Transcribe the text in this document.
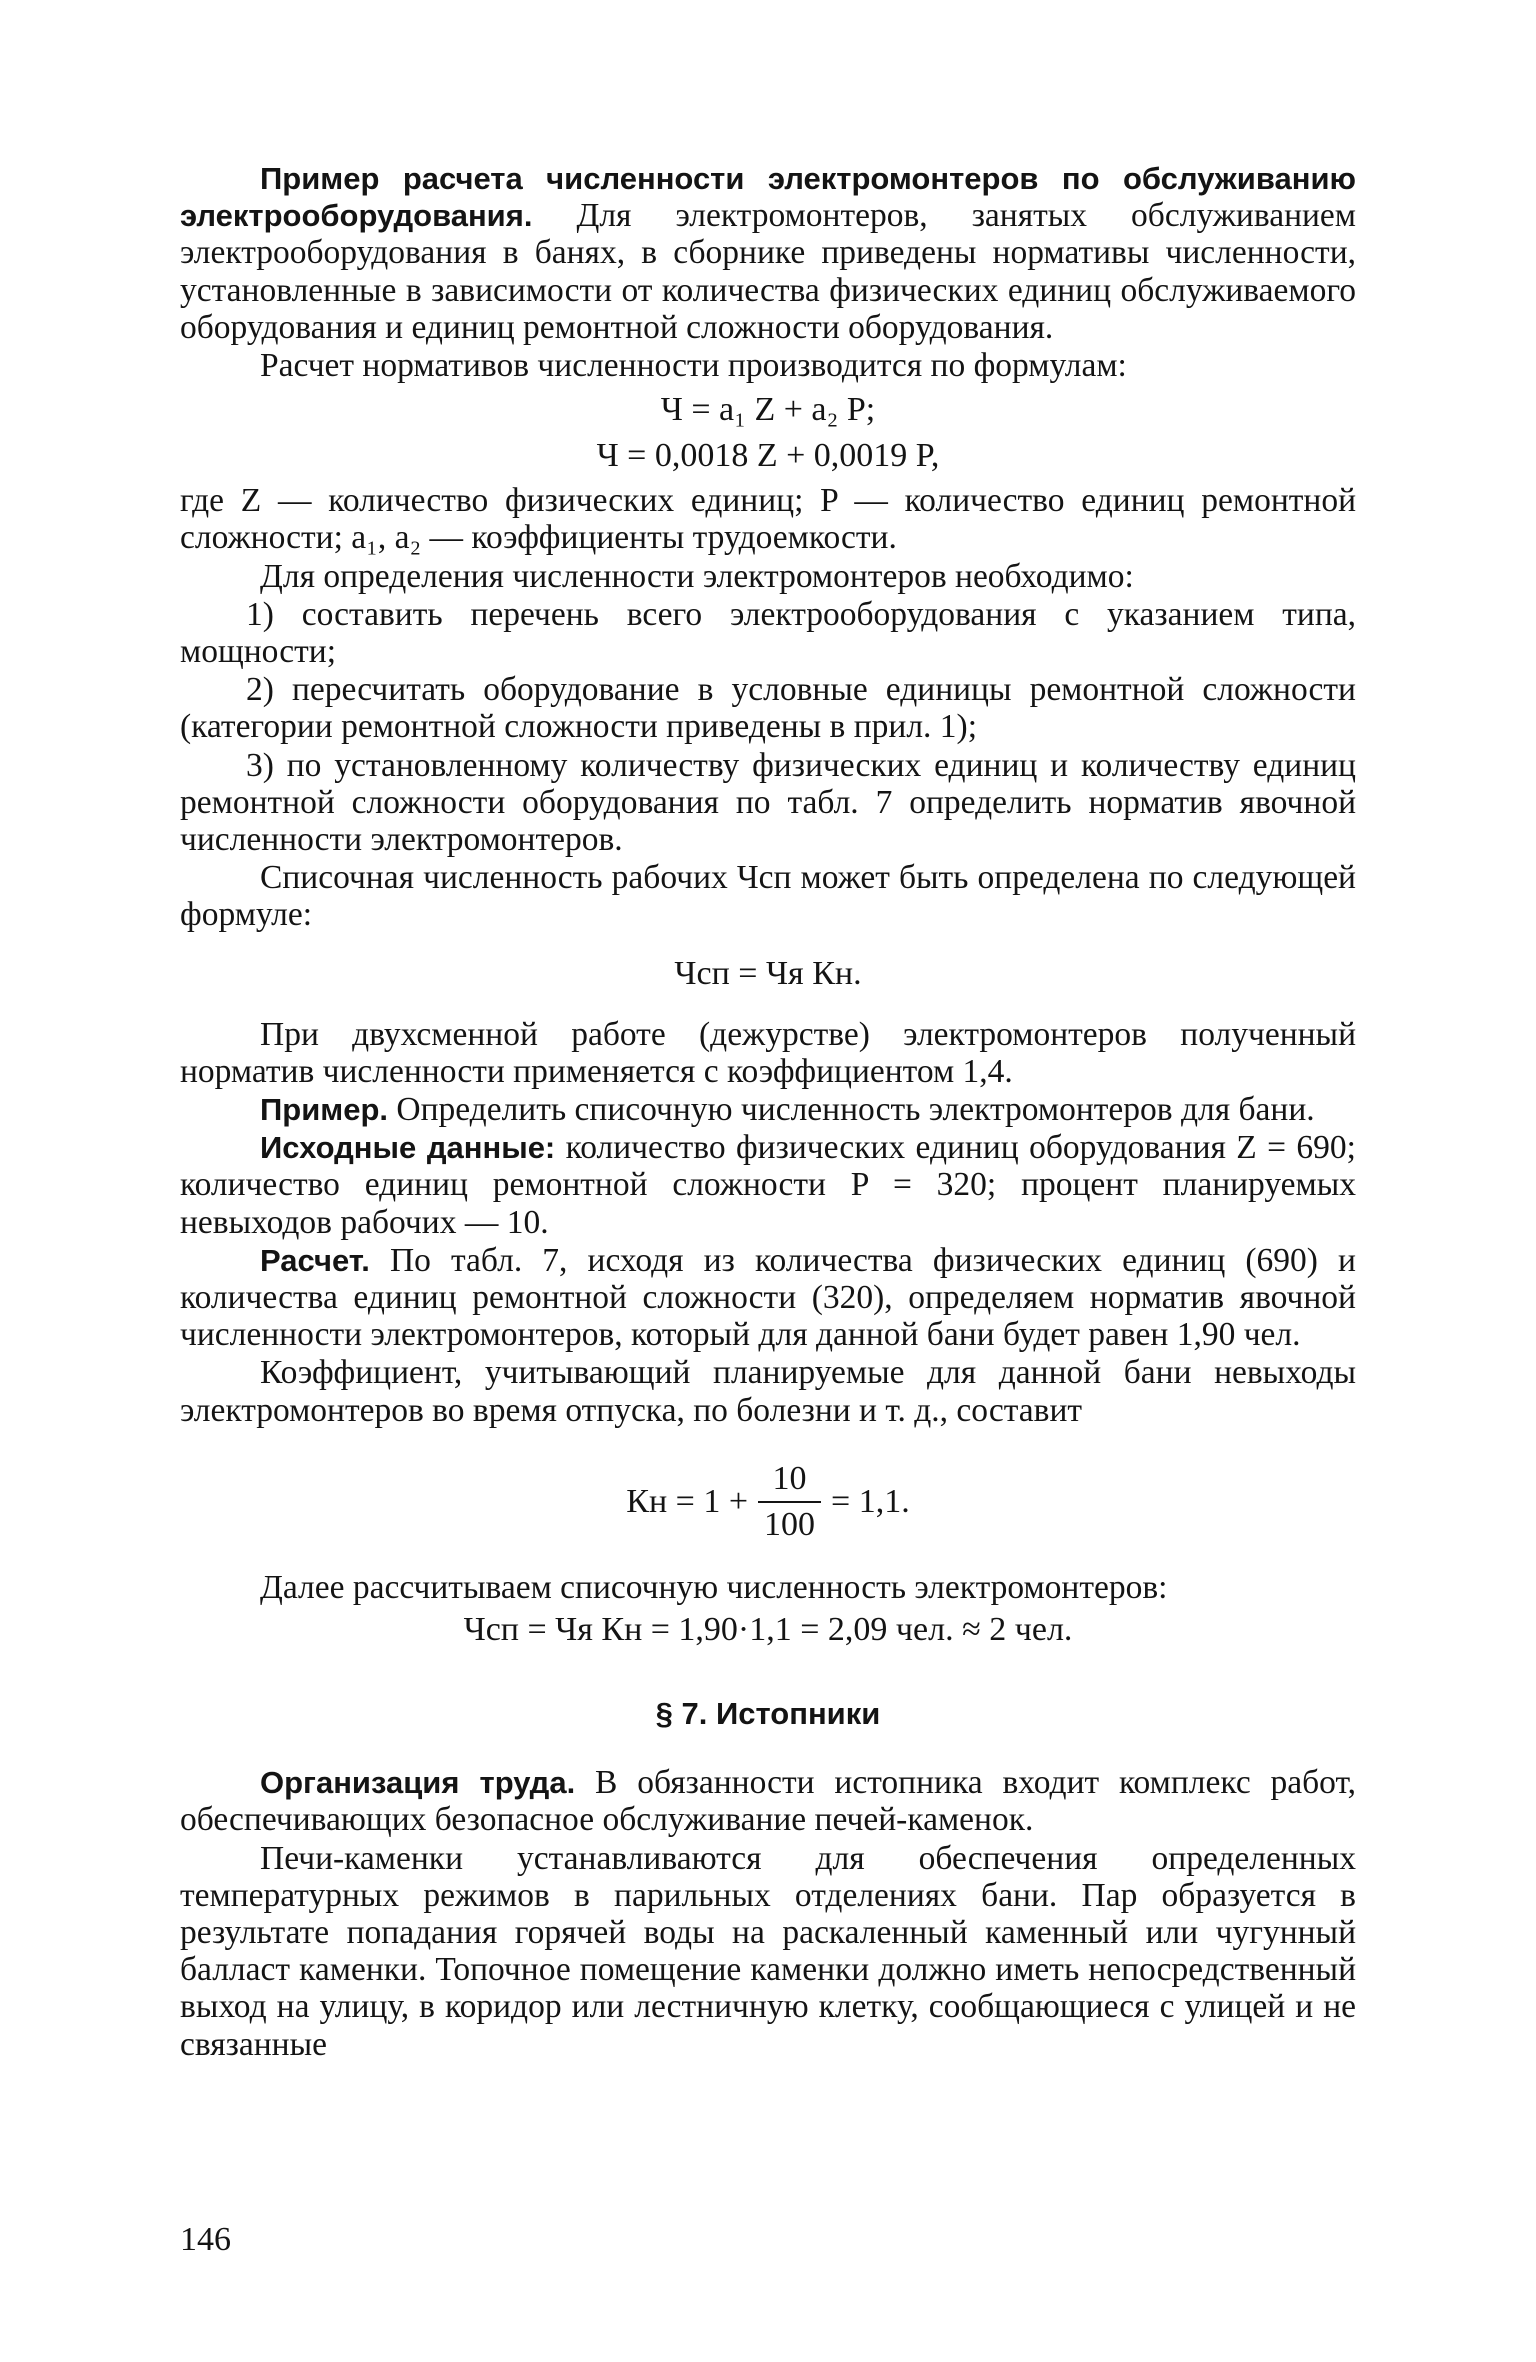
Пример расчета численности электромонтеров по обслуживанию электрооборудования. Для электромонтеров, занятых обслуживанием электрооборудования в банях, в сборнике приведены нормативы численности, установленные в зависимости от количества физических единиц обслуживаемого оборудования и единиц ремонтной сложности оборудования.

Расчет нормативов численности производится по формулам:

Ч = a₁ Z + a₂ P;

Ч = 0,0018 Z + 0,0019 P,

где Z — количество физических единиц; P — количество единиц ремонтной сложности; a₁, a₂ — коэффициенты трудоемкости.

Для определения численности электромонтеров необходимо:

1) составить перечень всего электрооборудования с указанием типа, мощности;

2) пересчитать оборудование в условные единицы ремонтной сложности (категории ремонтной сложности приведены в прил. 1);

3) по установленному количеству физических единиц и количеству единиц ремонтной сложности оборудования по табл. 7 определить норматив явочной численности электромонтеров.

Списочная численность рабочих Чсп может быть определена по следующей формуле:

Чсп = Чя Кн.

При двухсменной работе (дежурстве) электромонтеров полученный норматив численности применяется с коэффициентом 1,4.

Пример. Определить списочную численность электромонтеров для бани.

Исходные данные: количество физических единиц оборудования Z = 690; количество единиц ремонтной сложности P = 320; процент планируемых невыходов рабочих — 10.

Расчет. По табл. 7, исходя из количества физических единиц (690) и количества единиц ремонтной сложности (320), определяем норматив явочной численности электромонтеров, который для данной бани будет равен 1,90 чел.

Коэффициент, учитывающий планируемые для данной бани невыходы электромонтеров во время отпуска, по болезни и т. д., составит

Кн = $1 + \frac{10}{100} = 1,1$.

Далее рассчитываем списочную численность электромонтеров:

Чсп = Чя Кн = 1,90·1,1 = 2,09 чел. ≈ 2 чел.

§ 7. Истопники

Организация труда. В обязанности истопника входит комплекс работ, обеспечивающих безопасное обслуживание печей-каменок.

Печи-каменки устанавливаются для обеспечения определенных температурных режимов в парильных отделениях бани. Пар образуется в результате попадания горячей воды на раскаленный каменный или чугунный балласт каменки. Топочное помещение каменки должно иметь непосредственный выход на улицу, в коридор или лестничную клетку, сообщающиеся с улицей и не связанные

146
